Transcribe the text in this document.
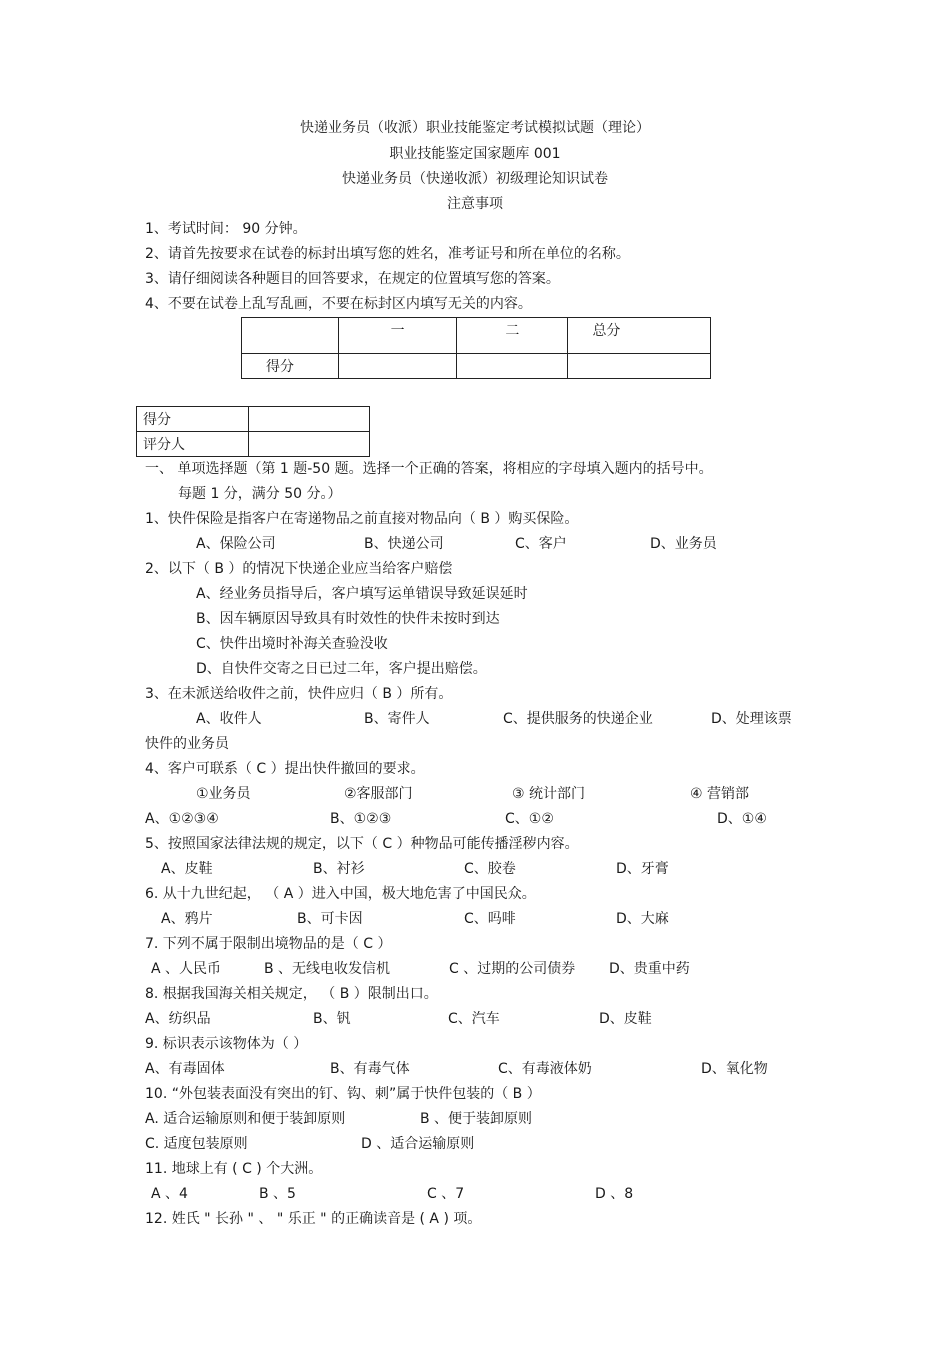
快递业务员（收派）职业技能鉴定考试模拟试题（理论）
职业技能鉴定国家题库 001
快递业务员（快递收派）初级理论知识试卷
注意事项
1、考试时间： 90 分钟。
2、请首先按要求在试卷的标封出填写您的姓名，准考证号和所在单位的名称。
3、请仔细阅读各种题目的回答要求，在规定的位置填写您的答案。
4、不要在试卷上乱写乱画，不要在标封区内填写无关的内容。
	一	二	总分
得分			
得分	
评分人	
一、 单项选择题（第 1 题-50 题。选择一个正确的答案，将相应的字母填入题内的括号中。
每题 1 分，满分 50 分。）
1、快件保险是指客户在寄递物品之前直接对物品向（ B ）购买保险。
A、保险公司	B、快递公司	C、客户	D、业务员
2、以下（ B ）的情况下快递企业应当给客户赔偿
A、经业务员指导后，客户填写运单错误导致延误延时
B、因车辆原因导致具有时效性的快件未按时到达
C、快件出境时补海关查验没收
D、自快件交寄之日已过二年，客户提出赔偿。
3、在未派送给收件之前，快件应归（ B ）所有。
A、收件人	B、寄件人	C、提供服务的快递企业	D、处理该票
快件的业务员
4、客户可联系（ C ）提出快件撤回的要求。
①业务员	②客服部门	③ 统计部门	④ 营销部
A、①②③④	B、①②③	C、①②	D、①④
5、按照国家法律法规的规定，以下（ C ）种物品可能传播淫秽内容。
A、皮鞋	B、衬衫	C、胶卷	D、牙膏
6. 从十九世纪起， （ A ）进入中国，极大地危害了中国民众。
A、鸦片	B、可卡因	C、吗啡	D、大麻
7. 下列不属于限制出境物品的是（ C ）
A 、人民币	B 、无线电收发信机	C 、过期的公司债券 D、贵重中药
8. 根据我国海关相关规定， （ B ）限制出口。
A、纺织品	B、钒	C、汽车	D、皮鞋
9. 标识表示该物体为（ ）
A、有毒固体	B、有毒气体	C、有毒液体奶	D、氧化物
10. “外包装表面没有突出的钉、钩、刺”属于快件包装的（ B ）
A. 适合运输原则和便于装卸原则	B 、便于装卸原则
C. 适度包装原则	D 、适合运输原则
11. 地球上有 ( C ) 个大洲。
A 、4	B 、5	C 、7	D 、8
12. 姓氏 " 长孙 " 、 " 乐正 " 的正确读音是 ( A ) 项。
